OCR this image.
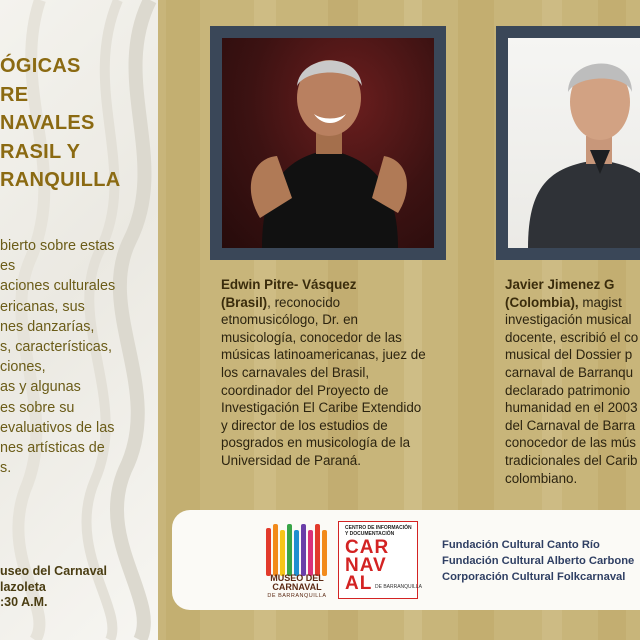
ÓGICAS
RE
NAVALES
RASIL Y
RANQUILLA
bierto sobre estas
es
aciones culturales
ericanas, sus
nes danzarías,
s, características,
ciones,
as y algunas
es sobre su
evaluativos de las
nes artísticas de
s.
useo del Carnaval
lazoleta
:30 A.M.
Edwin Pitre- Vásquez
(Brasil), reconocido
etnomusicólogo, Dr. en
musicología, conocedor de las
músicas latinoamericanas, juez de
los carnavales del Brasil,
coordinador del Proyecto de
Investigación El Caribe Extendido
y director de los estudios de
posgrados en musicología de la
Universidad de Paraná.
Javier Jimenez G
(Colombia), magist
investigación musical
docente, escribió el co
musical del Dossier p
carnaval de Barranqu
declarado patrimonio
humanidad en el 2003
del Carnaval de Barra
conocedor de las mús
tradicionales del Carib
colombiano.
MUSEO DEL
CARNAVAL
DE BARRANQUILLA
CENTRO DE INFORMACIÓN
Y DOCUMENTACIÓN
CAR
NAV
AL DE BARRANQUILLA
Fundación Cultural Canto Río
Fundación Cultural Alberto Carbone
Corporación Cultural Folkcarnaval
